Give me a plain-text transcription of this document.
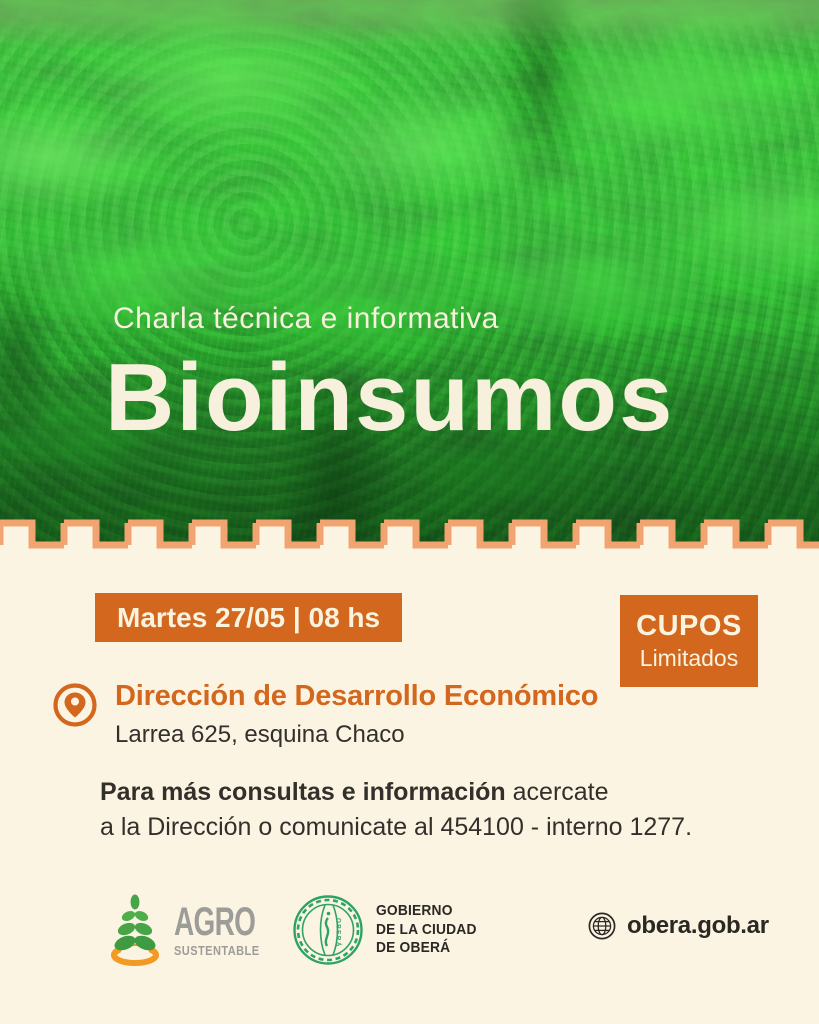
Charla técnica e informativa
Bioinsumos
Martes 27/05 | 08 hs	CUPOS
Limitados
Dirección de Desarrollo Económico
Larrea 625, esquina Chaco
Para más consultas e información acercate
a la Dirección o comunicate al 454100 - interno 1277.
AGRO
SUSTENTABLE
OBERÁ
GOBIERNO
DE LA CIUDAD
DE OBERÁ
obera.gob.ar
